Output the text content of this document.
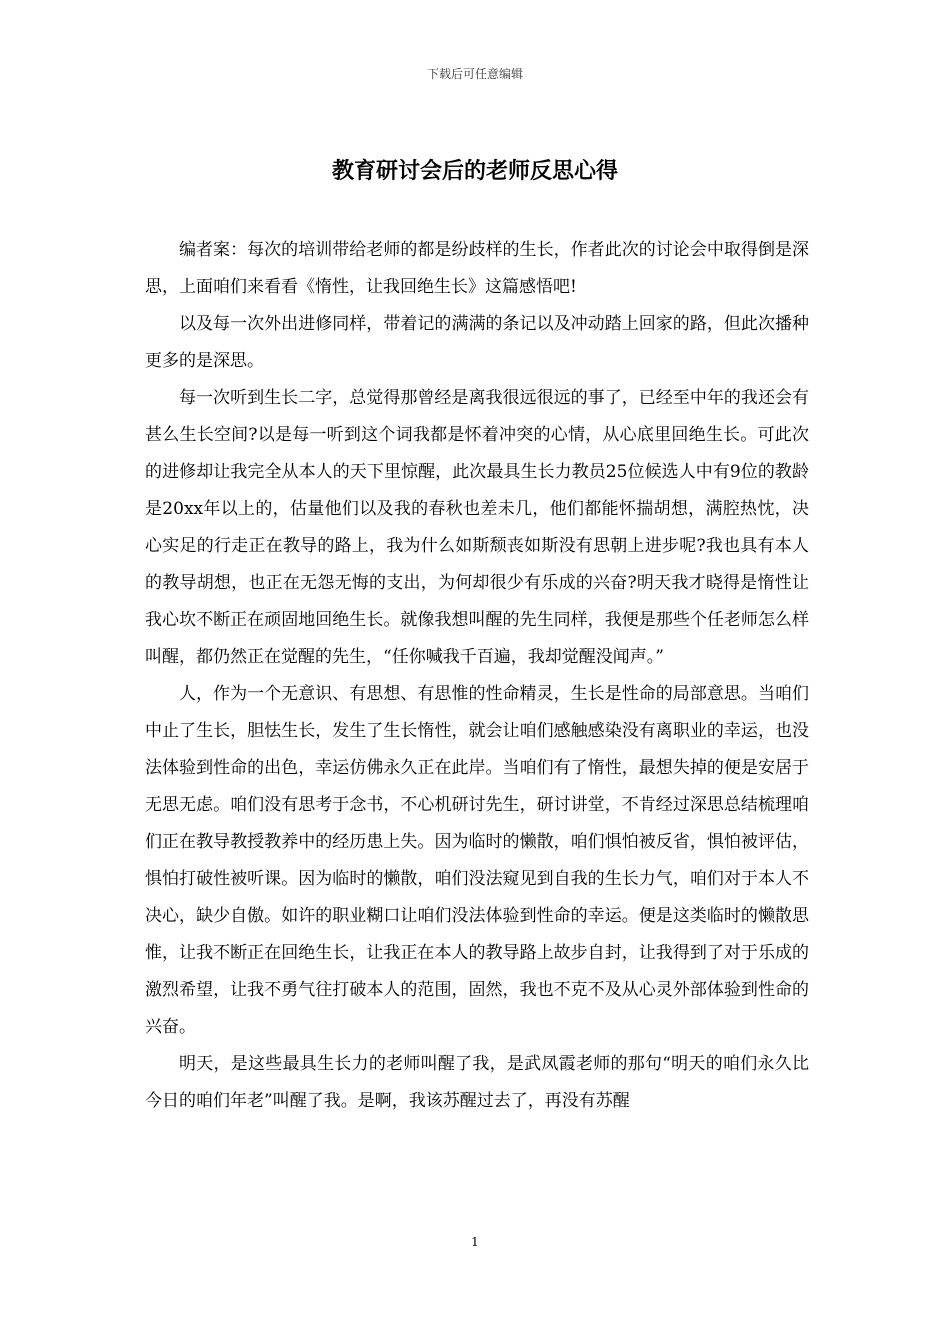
下载后可任意编辑
教育研讨会后的老师反思心得

编者案：每次的培训带给老师的都是纷歧样的生长，作者此次的讨论会中取得倒是深思，上面咱们来看看《惰性，让我回绝生长》这篇感悟吧!

以及每一次外出进修同样，带着记的满满的条记以及冲动踏上回家的路，但此次播种更多的是深思。

每一次听到生长二字，总觉得那曾经是离我很远很远的事了，已经至中年的我还会有甚么生长空间?以是每一听到这个词我都是怀着冲突的心情，从心底里回绝生长。可此次的进修却让我完全从本人的天下里惊醒，此次最具生长力教员25位候选人中有9位的教龄是20xx年以上的，估量他们以及我的春秋也差未几，他们都能怀揣胡想，满腔热忱，决心实足的行走正在教导的路上，我为什么如斯颓丧如斯没有思朝上进步呢?我也具有本人的教导胡想，也正在无怨无悔的支出，为何却很少有乐成的兴奋?明天我才晓得是惰性让我心坎不断正在顽固地回绝生长。就像我想叫醒的先生同样，我便是那些个任老师怎么样叫醒，都仍然正在觉醒的先生，“任你喊我千百遍，我却觉醒没闻声。”

人，作为一个无意识、有思想、有思惟的性命精灵，生长是性命的局部意思。当咱们中止了生长，胆怯生长，发生了生长惰性，就会让咱们感触感染没有离职业的幸运，也没法体验到性命的出色，幸运仿佛永久正在此岸。当咱们有了惰性，最想失掉的便是安居于无思无虑。咱们没有思考于念书，不心机研讨先生，研讨讲堂，不肯经过深思总结梳理咱们正在教导教授教养中的经历患上失。因为临时的懒散，咱们惧怕被反省，惧怕被评估，惧怕打破性被听课。因为临时的懒散，咱们没法窥见到自我的生长力气，咱们对于本人不决心，缺少自傲。如许的职业糊口让咱们没法体验到性命的幸运。便是这类临时的懒散思惟，让我不断正在回绝生长，让我正在本人的教导路上故步自封，让我得到了对于乐成的激烈希望，让我不勇气往打破本人的范围，固然，我也不克不及从心灵外部体验到性命的兴奋。

明天，是这些最具生长力的老师叫醒了我，是武凤霞老师的那句“明天的咱们永久比今日的咱们年老”叫醒了我。是啊，我该苏醒过去了，再没有苏醒

1
